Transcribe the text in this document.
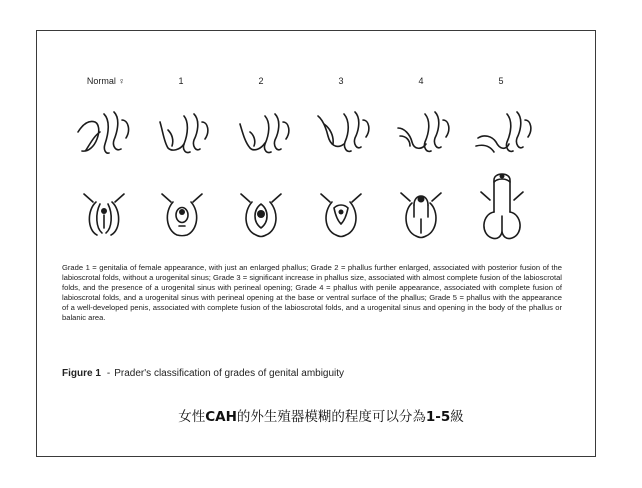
Normal ♀	1	2	3	4	5

Grade 1 = genitalia of female appearance, with just an enlarged phallus; Grade 2 = phallus further enlarged, associated with posterior fusion of the labioscrotal folds, without a urogenital sinus; Grade 3 = significant increase in phallus size, associated with almost complete fusion of the labioscrotal folds, and the presence of a urogenital sinus with perineal opening; Grade 4 = phallus with penile appearance, associated with complete fusion of labioscrotal folds, and a urogenital sinus with perineal opening at the base or ventral surface of the phallus; Grade 5 = phallus with the appearance of a well-developed penis, associated with complete fusion of the labioscrotal folds, and a urogenital sinus and opening in the body of the phallus or balanic area.

Figure 1 - Prader's classification of grades of genital ambiguity
女性CAH的外生殖器模糊的程度可以分為1-5級
